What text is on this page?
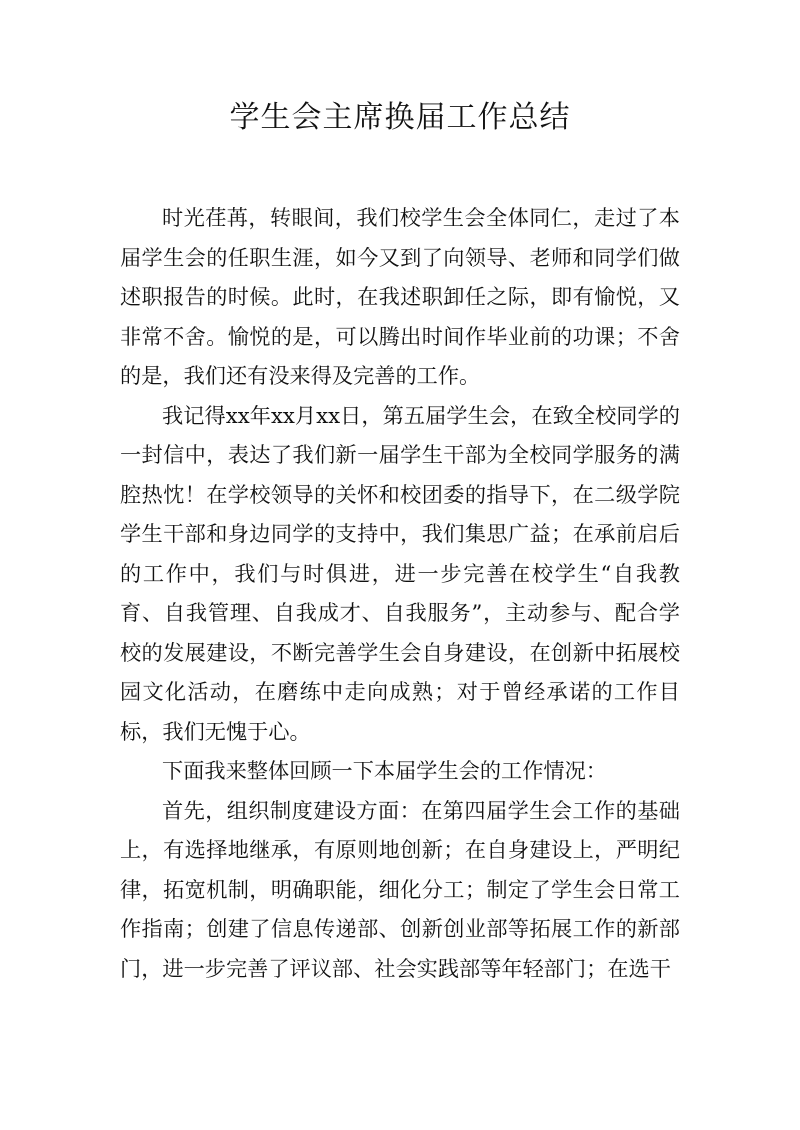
学生会主席换届工作总结

时光荏苒，转眼间，我们校学生会全体同仁，走过了本届学生会的任职生涯，如今又到了向领导、老师和同学们做述职报告的时候。此时，在我述职卸任之际，即有愉悦，又非常不舍。愉悦的是，可以腾出时间作毕业前的功课；不舍的是，我们还有没来得及完善的工作。

我记得xx年xx月xx日，第五届学生会，在致全校同学的一封信中，表达了我们新一届学生干部为全校同学服务的满腔热忱！在学校领导的关怀和校团委的指导下，在二级学院学生干部和身边同学的支持中，我们集思广益；在承前启后的工作中，我们与时俱进，进一步完善在校学生“自我教育、自我管理、自我成才、自我服务”，主动参与、配合学校的发展建设，不断完善学生会自身建设，在创新中拓展校园文化活动，在磨练中走向成熟；对于曾经承诺的工作目标，我们无愧于心。

下面我来整体回顾一下本届学生会的工作情况：

首先，组织制度建设方面：在第四届学生会工作的基础上，有选择地继承，有原则地创新；在自身建设上，严明纪律，拓宽机制，明确职能，细化分工；制定了学生会日常工作指南；创建了信息传递部、创新创业部等拓展工作的新部门，进一步完善了评议部、社会实践部等年轻部门；在选干
